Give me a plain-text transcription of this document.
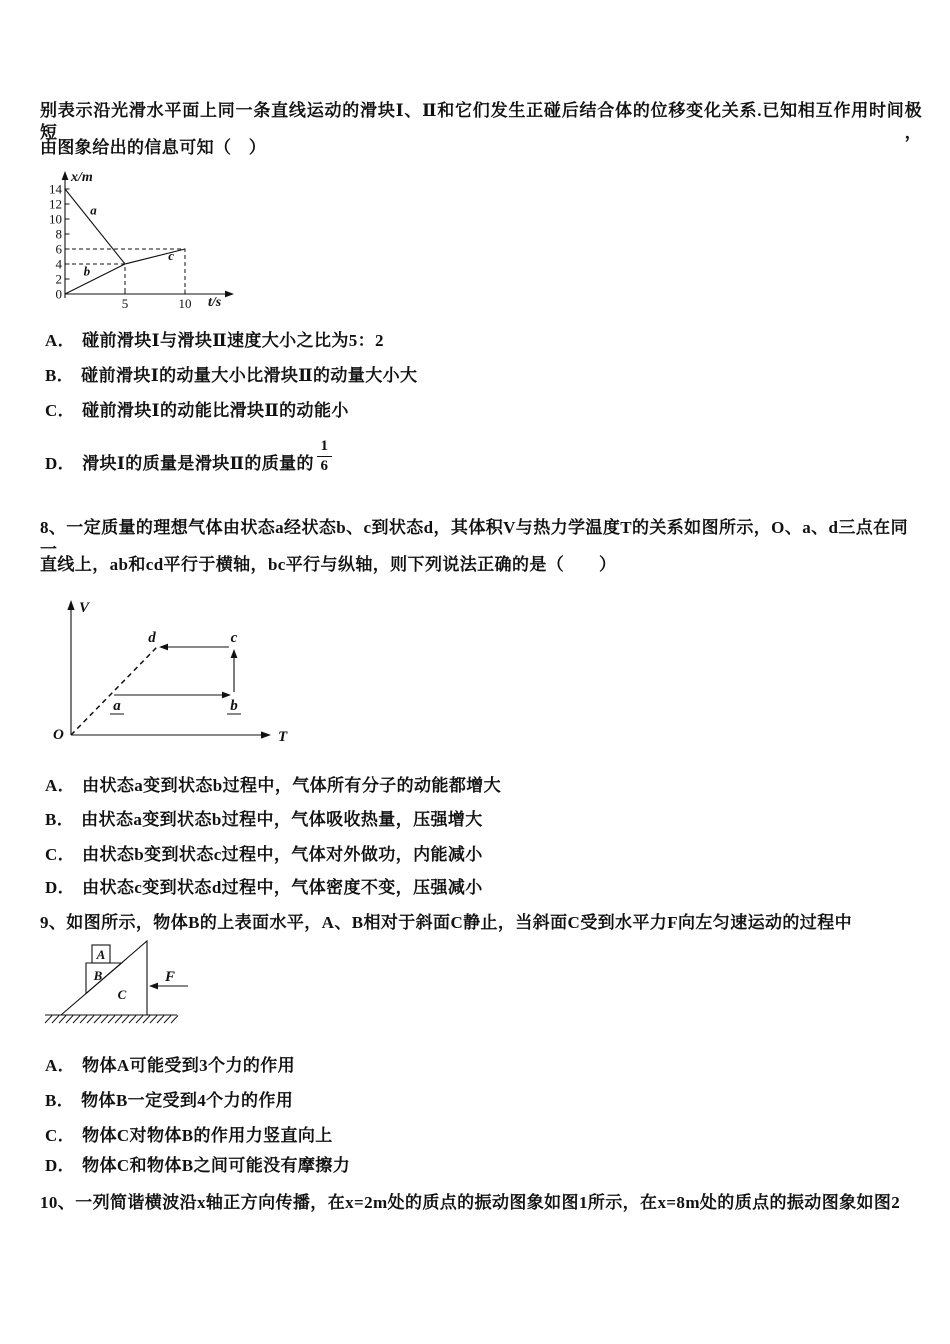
别表示沿光滑水平面上同一条直线运动的滑块Ⅰ、Ⅱ和它们发生正碰后结合体的位移变化关系.已知相互作用时间极短，
由图象给出的信息可知（　）
x/m
t/s
0
2
4
6
8
10
12
14
5	10
a
b
c
A． 碰前滑块Ⅰ与滑块Ⅱ速度大小之比为5：2
B． 碰前滑块Ⅰ的动量大小比滑块Ⅱ的动量大小大
C． 碰前滑块Ⅰ的动能比滑块Ⅱ的动能小
D． 滑块Ⅰ的质量是滑块Ⅱ的质量的 $\frac{1}{6}$
8、一定质量的理想气体由状态a经状态b、c到状态d，其体积V与热力学温度T的关系如图所示，O、a、d三点在同一
直线上，ab和cd平行于横轴，bc平行与纵轴，则下列说法正确的是（　　）
V
T
O
d	c
a	b
A． 由状态a变到状态b过程中，气体所有分子的动能都增大
B． 由状态a变到状态b过程中，气体吸收热量，压强增大
C． 由状态b变到状态c过程中，气体对外做功，内能减小
D． 由状态c变到状态d过程中，气体密度不变，压强减小
9、如图所示，物体B的上表面水平，A、B相对于斜面C静止，当斜面C受到水平力F向左匀速运动的过程中
A
B
C
F
A． 物体A可能受到3个力的作用
B． 物体B一定受到4个力的作用
C． 物体C对物体B的作用力竖直向上
D． 物体C和物体B之间可能没有摩擦力
10、一列简谐横波沿x轴正方向传播，在x=2m处的质点的振动图象如图1所示，在x=8m处的质点的振动图象如图2
